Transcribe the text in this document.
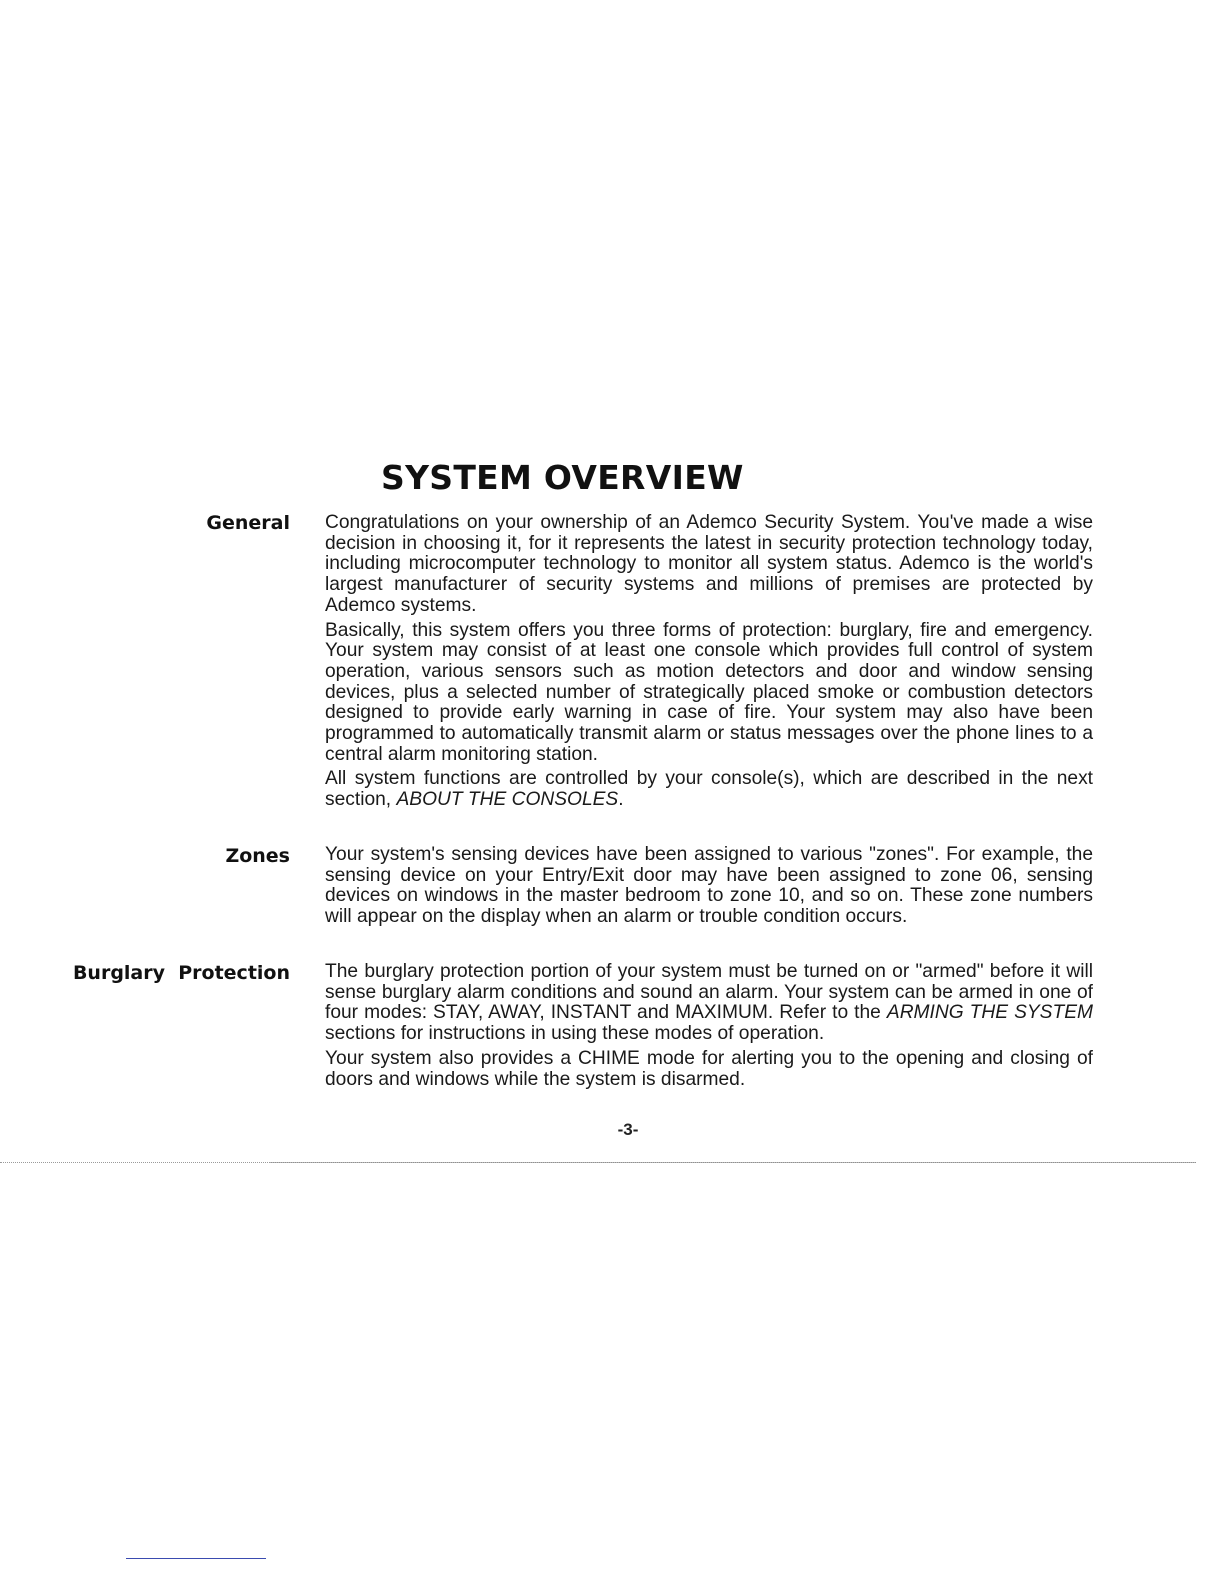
SYSTEM OVERVIEW
General Congratulations on your ownership of an Ademco Security System. You've made a wise decision in choosing it, for it represents the latest in security protection technology today, including microcomputer technology to monitor all system status. Ademco is the world's largest manufacturer of security systems and millions of premises are protected by Ademco systems.

Basically, this system offers you three forms of protection: burglary, fire and emergency. Your system may consist of at least one console which provides full control of system operation, various sensors such as motion detectors and door and window sensing devices, plus a selected number of strategically placed smoke or combustion detectors designed to provide early warning in case of fire. Your system may also have been programmed to automatically transmit alarm or status messages over the phone lines to a central alarm monitoring station.

All system functions are controlled by your console(s), which are described in the next section, ABOUT THE CONSOLES.

Zones Your system's sensing devices have been assigned to various "zones". For example, the sensing device on your Entry/Exit door may have been assigned to zone 06, sensing devices on windows in the master bedroom to zone 10, and so on. These zone numbers will appear on the display when an alarm or trouble condition occurs.

Burglary  Protection The burglary protection portion of your system must be turned on or "armed" before it will sense burglary alarm conditions and sound an alarm. Your system can be armed in one of four modes: STAY, AWAY, INSTANT and MAXIMUM. Refer to the ARMING THE SYSTEM sections for instructions in using these modes of operation.

Your system also provides a CHIME mode for alerting you to the opening and closing of doors and windows while the system is disarmed.

-3-
